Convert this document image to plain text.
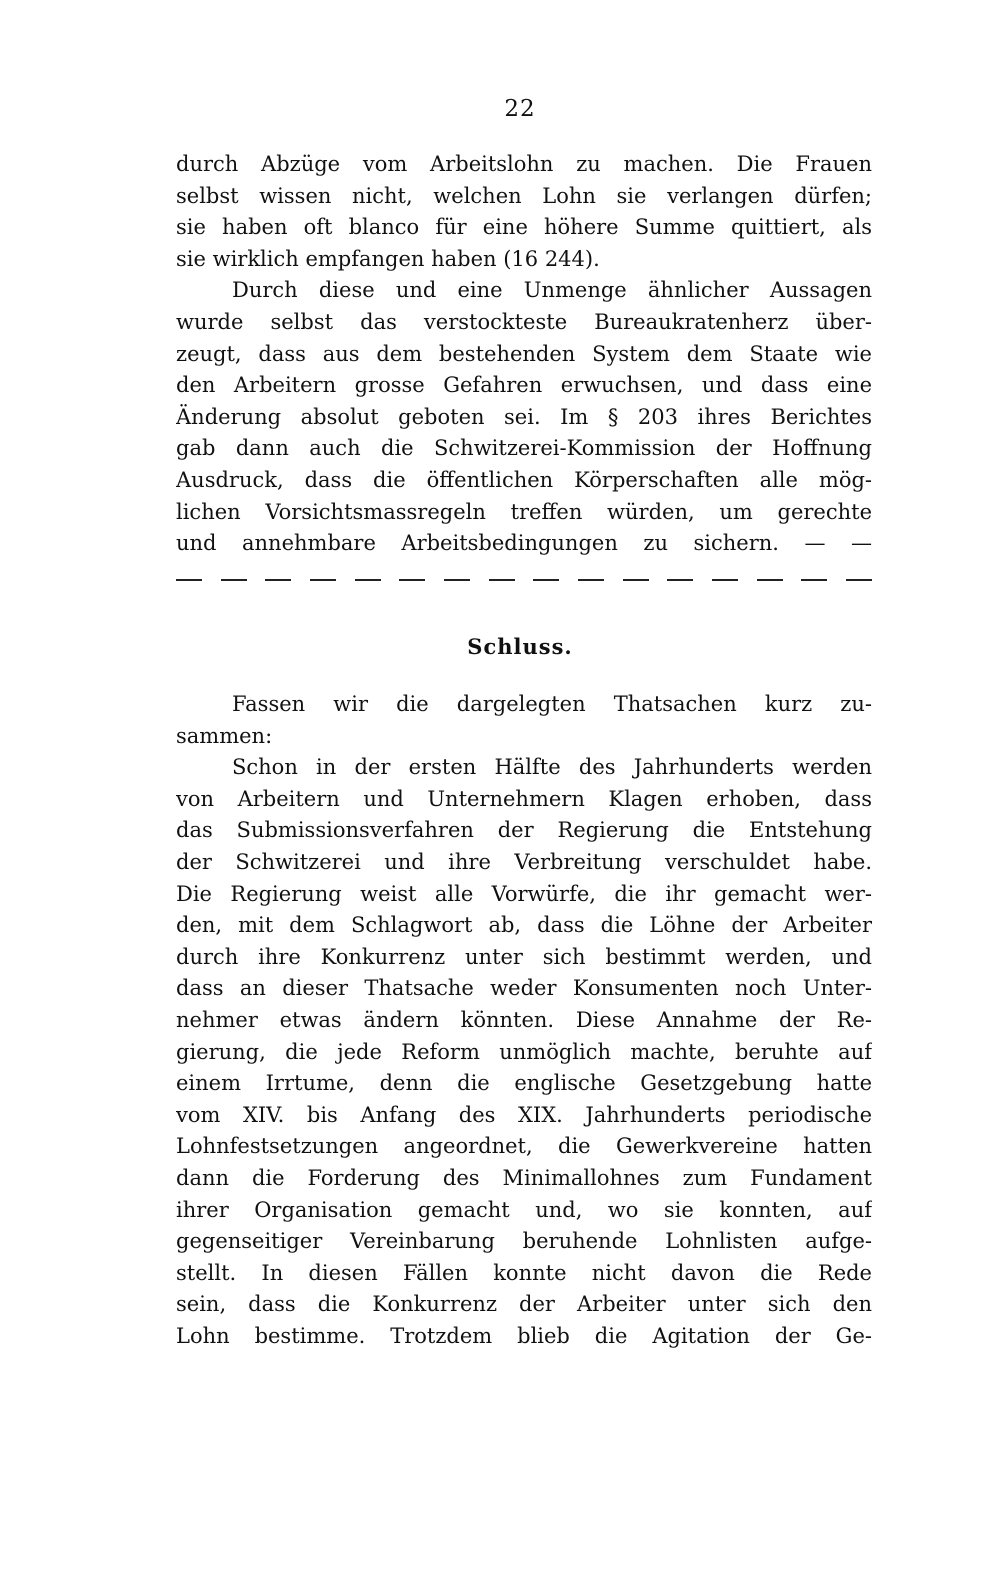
22
durch Abzüge vom Arbeitslohn zu machen. Die Frauen
selbst wissen nicht, welchen Lohn sie verlangen dürfen;
sie haben oft blanco für eine höhere Summe quittiert, als
sie wirklich empfangen haben (16 244).
Durch diese und eine Unmenge ähnlicher Aussagen
wurde selbst das verstockteste Bureaukratenherz über-
zeugt, dass aus dem bestehenden System dem Staate wie
den Arbeitern grosse Gefahren erwuchsen, und dass eine
Änderung absolut geboten sei. Im § 203 ihres Berichtes
gab dann auch die Schwitzerei-Kommission der Hoffnung
Ausdruck, dass die öffentlichen Körperschaften alle mög-
lichen Vorsichtsmassregeln treffen würden, um gerechte
und annehmbare Arbeitsbedingungen zu sichern. — —
Schluss.
Fassen wir die dargelegten Thatsachen kurz zu-
sammen:
Schon in der ersten Hälfte des Jahrhunderts werden
von Arbeitern und Unternehmern Klagen erhoben, dass
das Submissionsverfahren der Regierung die Entstehung
der Schwitzerei und ihre Verbreitung verschuldet habe.
Die Regierung weist alle Vorwürfe, die ihr gemacht wer-
den, mit dem Schlagwort ab, dass die Löhne der Arbeiter
durch ihre Konkurrenz unter sich bestimmt werden, und
dass an dieser Thatsache weder Konsumenten noch Unter-
nehmer etwas ändern könnten. Diese Annahme der Re-
gierung, die jede Reform unmöglich machte, beruhte auf
einem Irrtume, denn die englische Gesetzgebung hatte
vom XIV. bis Anfang des XIX. Jahrhunderts periodische
Lohnfestsetzungen angeordnet, die Gewerkvereine hatten
dann die Forderung des Minimallohnes zum Fundament
ihrer Organisation gemacht und, wo sie konnten, auf
gegenseitiger Vereinbarung beruhende Lohnlisten aufge-
stellt. In diesen Fällen konnte nicht davon die Rede
sein, dass die Konkurrenz der Arbeiter unter sich den
Lohn bestimme. Trotzdem blieb die Agitation der Ge-
